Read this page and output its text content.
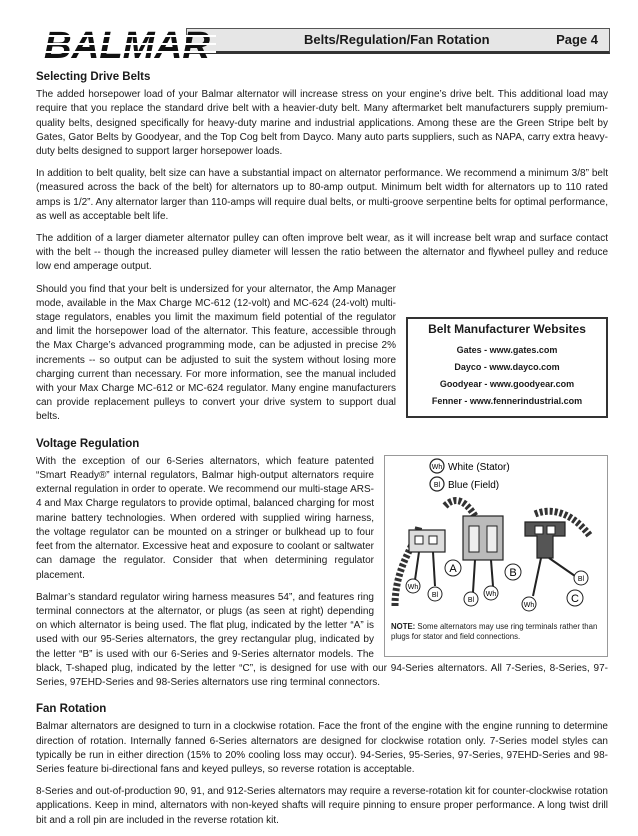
BALMAR	Belts/Regulation/Fan Rotation	Page 4
Selecting Drive Belts

The added horsepower load of your Balmar alternator will increase stress on your engine’s drive belt. This additional load may require that you replace the standard drive belt with a heavier-duty belt. Many aftermarket belt manufacturers supply premium-quality belts, designed specifically for heavy-duty marine and industrial applications. Among these are the Green Stripe belt by Gates, Gator Belts by Goodyear, and the Top Cog belt from Dayco. Many auto parts suppliers, such as NAPA, carry extra heavy-duty belts designed to support larger horsepower loads.

In addition to belt quality, belt size can have a substantial impact on alternator performance. We recommend a minimum 3/8” belt (measured across the back of the belt) for alternators up to 80-amp output. Minimum belt width for alternators up to 110 rated amps is 1/2”. Any alternator larger than 110-amps will require dual belts, or multi-groove serpentine belts for optimal performance, as well as acceptable belt life.

The addition of a larger diameter alternator pulley can often improve belt wear, as it will increase belt wrap and surface contact with the belt -- though the increased pulley diameter will lessen the ratio between the alternator and flywheel pulley and reduce low end amperage output.

Belt Manufacturer Websites
Gates - www.gates.com
Dayco - www.dayco.com
Goodyear - www.goodyear.com
Fenner - www.fennerindustrial.com
Should you find that your belt is undersized for your alternator, the Amp Manager mode, available in the Max Charge MC-612 (12-volt) and MC-624 (24-volt) multi-stage regulators, enables you limit the maximum field potential of the regulator and limit the horsepower load of the alternator. This feature, accessible through the Max Charge’s advanced programming mode, can be adjusted in precise 2% increments -- so output can be adjusted to suit the system without losing more charging current than necessary. For more information, see the manual included with your Max Charge MC-612 or MC-624 regulator. Many engine manufacturers can provide replacement pulleys to convert your drive system to support dual belts.

Voltage Regulation
Wh White (Stator)
Bl Blue (Field)
Wh
Bl
Bl
Wh
Wh
Bl
A	B
C
NOTE: Some alternators may use ring terminals rather than plugs for stator and field connections.

With the exception of our 6-Series alternators, which feature patented “Smart Ready®” internal regulators, Balmar high-output alternators require external regulation in order to operate. We recommend our multi-stage ARS-4 and Max Charge regulators to provide optimal, balanced charging for most marine battery technologies. When ordered with supplied wiring harness, the voltage regulator can be mounted on a stringer or bulkhead up to four feet from the alternator. Excessive heat and exposure to coolant or saltwater can damage the regulator. Consider that when determining regulator placement.

Balmar’s standard regulator wiring harness measures 54”, and features ring terminal connectors at the alternator, or plugs (as seen at right) depending on which alternator is being used. The flat plug, indicated by the letter “A” is used with our 95-Series alternators, the grey rectangular plug, indicated by the letter “B” is used with our 6-Series and 9-Series alternator models. The black, T-shaped plug, indicated by the letter “C”, is designed for use with our 94-Series alternators. All 7-Series, 8-Series, 97-Series, 97EHD-Series and 98-Series alternators use ring terminal connectors.

Fan Rotation

Balmar alternators are designed to turn in a clockwise rotation. Face the front of the engine with the engine running to determine direction of rotation. Internally fanned 6-Series alternators are designed for clockwise rotation only. 7-Series model styles can typically be run in either direction (15% to 20% cooling loss may occur). 94-Series, 95-Series, 97-Series, 97EHD-Series and 98-Series feature bi-directional fans and keyed pulleys, so reverse rotation is acceptable.

8-Series and out-of-production 90, 91, and 912-Series alternators may require a reverse-rotation kit for counter-clockwise rotation applications. Keep in mind, alternators with non-keyed shafts will require pinning to ensure proper performance. A long twist drill bit and a roll pin are included in the reverse rotation kit.
